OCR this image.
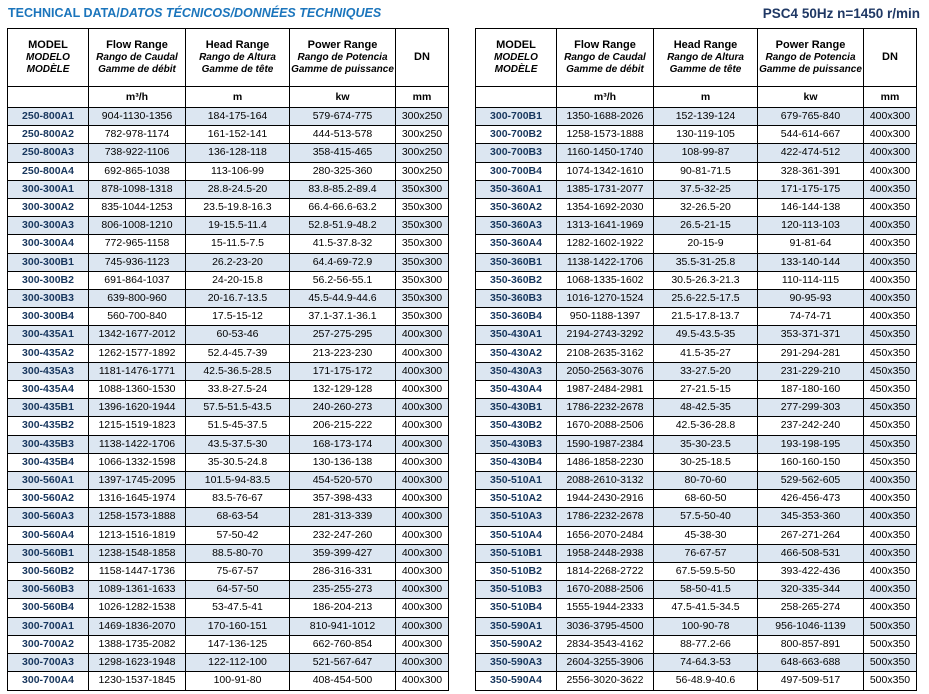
TECHNICAL DATA/DATOS TÉCNICOS/DONNÉES TECHNIQUES	PSC4 50Hz n=1450 r/min
MODEL
MODELO
MODÈLE

Flow Range
Rango de Caudal
Gamme de débit

Head Range
Rango de Altura
Gamme de tête

Power Range
Rango de Potencia
Gamme de puissance

DN

	m³/h	m	kw	mm
250-800A1	904-1130-1356	184-175-164	579-674-775	300x250
250-800A2	782-978-1174	161-152-141	444-513-578	300x250
250-800A3	738-922-1106	136-128-118	358-415-465	300x250
250-800A4	692-865-1038	113-106-99	280-325-360	300x250
300-300A1	878-1098-1318	28.8-24.5-20	83.8-85.2-89.4	350x300
300-300A2	835-1044-1253	23.5-19.8-16.3	66.4-66.6-63.2	350x300
300-300A3	806-1008-1210	19-15.5-11.4	52.8-51.9-48.2	350x300
300-300A4	772-965-1158	15-11.5-7.5	41.5-37.8-32	350x300
300-300B1	745-936-1123	26.2-23-20	64.4-69-72.9	350x300
300-300B2	691-864-1037	24-20-15.8	56.2-56-55.1	350x300
300-300B3	639-800-960	20-16.7-13.5	45.5-44.9-44.6	350x300
300-300B4	560-700-840	17.5-15-12	37.1-37.1-36.1	350x300
300-435A1	1342-1677-2012	60-53-46	257-275-295	400x300
300-435A2	1262-1577-1892	52.4-45.7-39	213-223-230	400x300
300-435A3	1181-1476-1771	42.5-36.5-28.5	171-175-172	400x300
300-435A4	1088-1360-1530	33.8-27.5-24	132-129-128	400x300
300-435B1	1396-1620-1944	57.5-51.5-43.5	240-260-273	400x300
300-435B2	1215-1519-1823	51.5-45-37.5	206-215-222	400x300
300-435B3	1138-1422-1706	43.5-37.5-30	168-173-174	400x300
300-435B4	1066-1332-1598	35-30.5-24.8	130-136-138	400x300
300-560A1	1397-1745-2095	101.5-94-83.5	454-520-570	400x300
300-560A2	1316-1645-1974	83.5-76-67	357-398-433	400x300
300-560A3	1258-1573-1888	68-63-54	281-313-339	400x300
300-560A4	1213-1516-1819	57-50-42	232-247-260	400x300
300-560B1	1238-1548-1858	88.5-80-70	359-399-427	400x300
300-560B2	1158-1447-1736	75-67-57	286-316-331	400x300
300-560B3	1089-1361-1633	64-57-50	235-255-273	400x300
300-560B4	1026-1282-1538	53-47.5-41	186-204-213	400x300
300-700A1	1469-1836-2070	170-160-151	810-941-1012	400x300
300-700A2	1388-1735-2082	147-136-125	662-760-854	400x300
300-700A3	1298-1623-1948	122-112-100	521-567-647	400x300
300-700A4	1230-1537-1845	100-91-80	408-454-500	400x300
MODEL
MODELO
MODÈLE

Flow Range
Rango de Caudal
Gamme de débit

Head Range
Rango de Altura
Gamme de tête

Power Range
Rango de Potencia
Gamme de puissance

DN

	m³/h	m	kw	mm
300-700B1	1350-1688-2026	152-139-124	679-765-840	400x300
300-700B2	1258-1573-1888	130-119-105	544-614-667	400x300
300-700B3	1160-1450-1740	108-99-87	422-474-512	400x300
300-700B4	1074-1342-1610	90-81-71.5	328-361-391	400x300
350-360A1	1385-1731-2077	37.5-32-25	171-175-175	400x350
350-360A2	1354-1692-2030	32-26.5-20	146-144-138	400x350
350-360A3	1313-1641-1969	26.5-21-15	120-113-103	400x350
350-360A4	1282-1602-1922	20-15-9	91-81-64	400x350
350-360B1	1138-1422-1706	35.5-31-25.8	133-140-144	400x350
350-360B2	1068-1335-1602	30.5-26.3-21.3	110-114-115	400x350
350-360B3	1016-1270-1524	25.6-22.5-17.5	90-95-93	400x350
350-360B4	950-1188-1397	21.5-17.8-13.7	74-74-71	400x350
350-430A1	2194-2743-3292	49.5-43.5-35	353-371-371	450x350
350-430A2	2108-2635-3162	41.5-35-27	291-294-281	450x350
350-430A3	2050-2563-3076	33-27.5-20	231-229-210	450x350
350-430A4	1987-2484-2981	27-21.5-15	187-180-160	450x350
350-430B1	1786-2232-2678	48-42.5-35	277-299-303	450x350
350-430B2	1670-2088-2506	42.5-36-28.8	237-242-240	450x350
350-430B3	1590-1987-2384	35-30-23.5	193-198-195	450x350
350-430B4	1486-1858-2230	30-25-18.5	160-160-150	450x350
350-510A1	2088-2610-3132	80-70-60	529-562-605	400x350
350-510A2	1944-2430-2916	68-60-50	426-456-473	400x350
350-510A3	1786-2232-2678	57.5-50-40	345-353-360	400x350
350-510A4	1656-2070-2484	45-38-30	267-271-264	400x350
350-510B1	1958-2448-2938	76-67-57	466-508-531	400x350
350-510B2	1814-2268-2722	67.5-59.5-50	393-422-436	400x350
350-510B3	1670-2088-2506	58-50-41.5	320-335-344	400x350
350-510B4	1555-1944-2333	47.5-41.5-34.5	258-265-274	400x350
350-590A1	3036-3795-4500	100-90-78	956-1046-1139	500x350
350-590A2	2834-3543-4162	88-77.2-66	800-857-891	500x350
350-590A3	2604-3255-3906	74-64.3-53	648-663-688	500x350
350-590A4	2556-3020-3622	56-48.9-40.6	497-509-517	500x350
